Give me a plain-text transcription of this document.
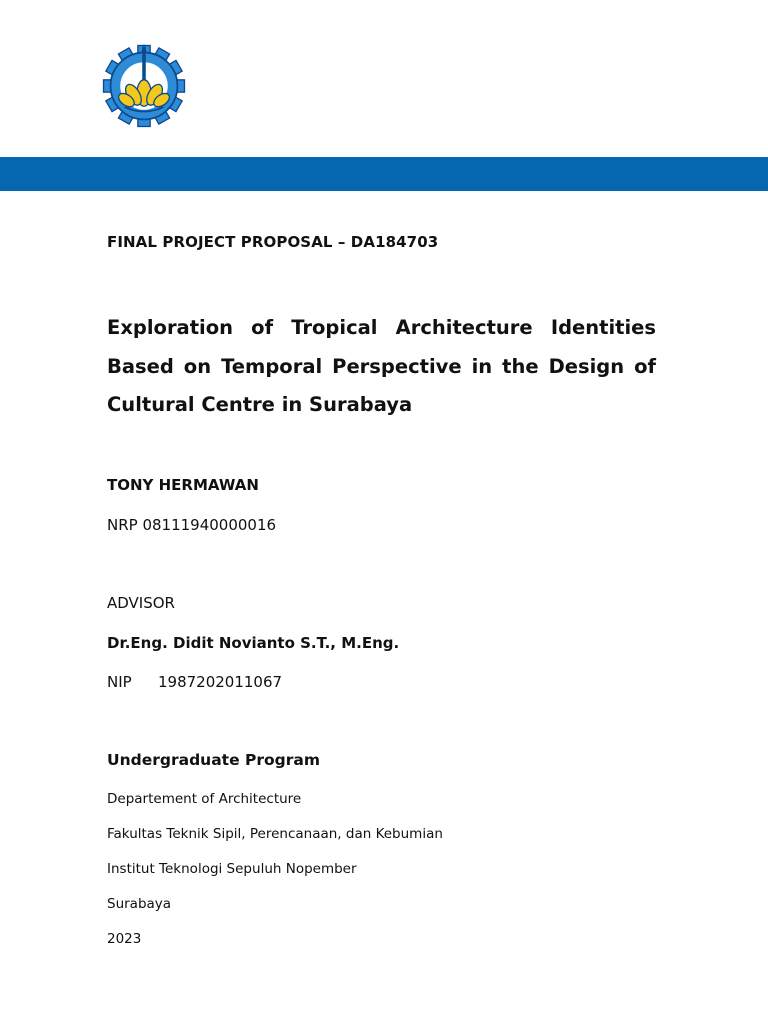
FINAL PROJECT PROPOSAL – DA184703

Exploration of Tropical Architecture Identities Based on Temporal Perspective in the Design of Cultural Centre in Surabaya

TONY HERMAWAN
NRP 08111940000016
ADVISOR
Dr.Eng. Didit Novianto S.T., M.Eng.
NIP 1987202011067
Undergraduate Program
Departement of Architecture
Fakultas Teknik Sipil, Perencanaan, dan Kebumian
Institut Teknologi Sepuluh Nopember
Surabaya
2023
